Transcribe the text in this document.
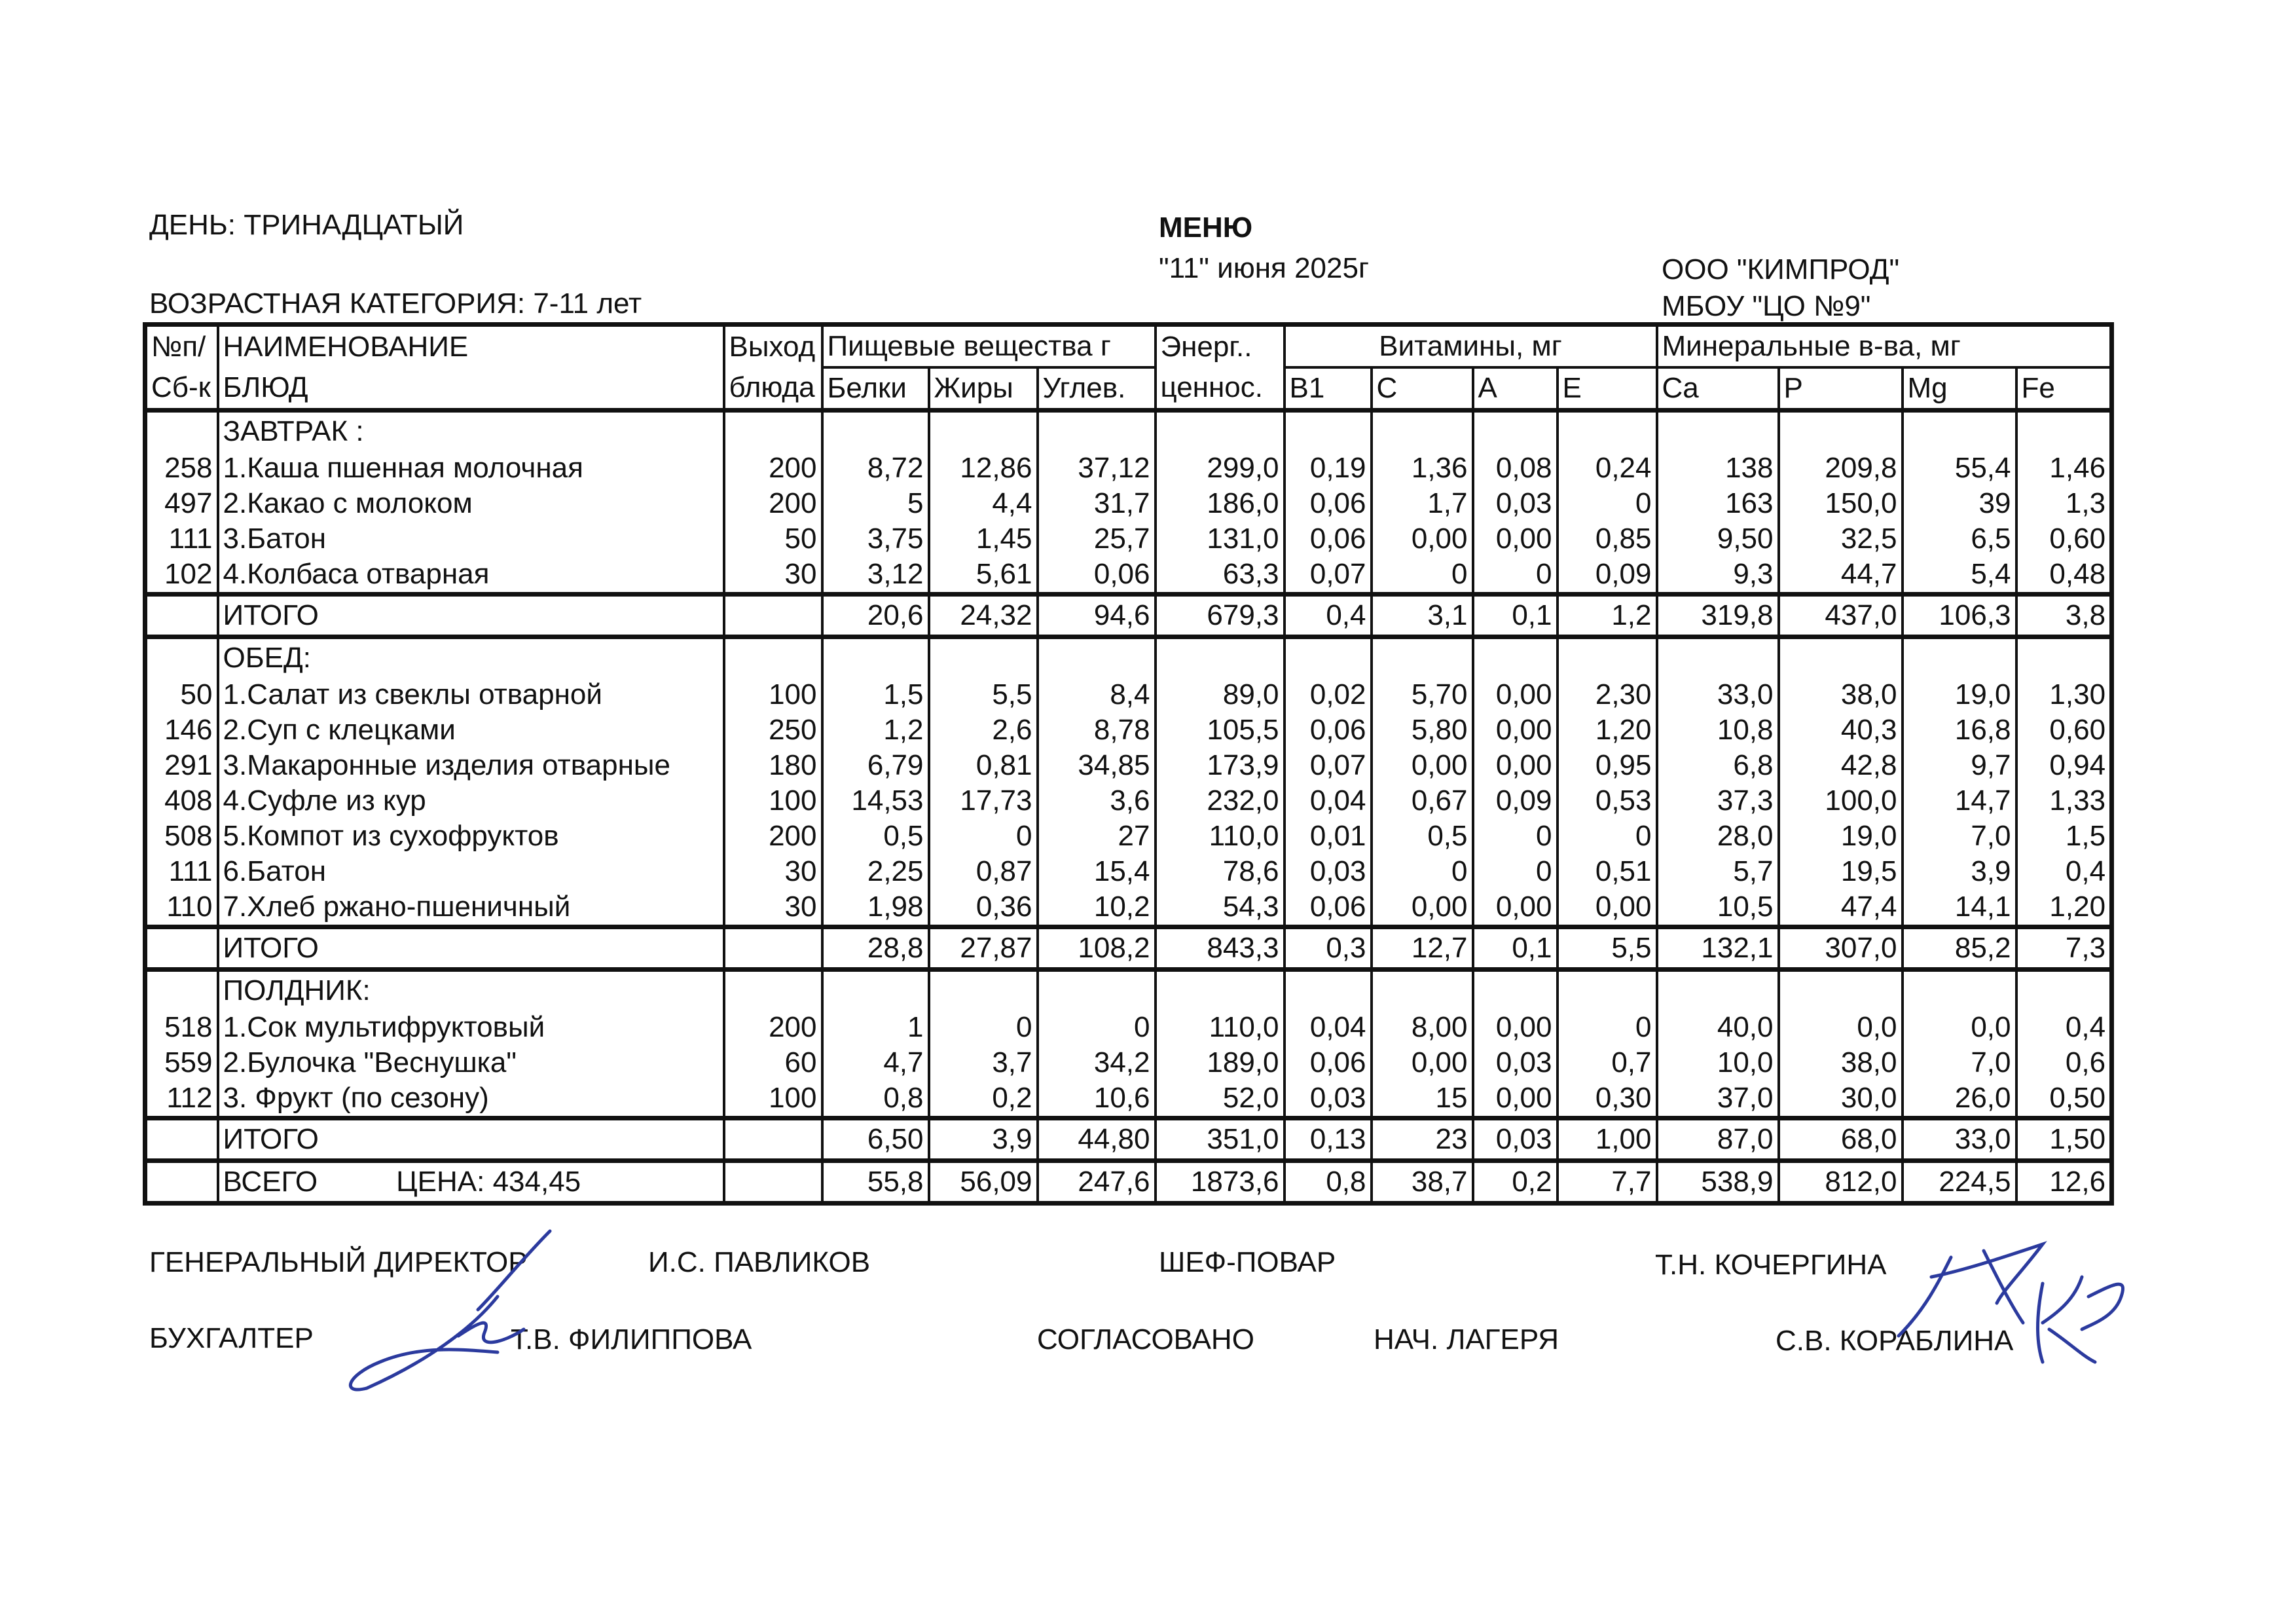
ДЕНЬ: ТРИНАДЦАТЫЙ	МЕНЮ
"11" июня 2025г	ООО "КИМПРОД"
МБОУ "ЦО №9"
ВОЗРАСТНАЯ КАТЕГОРИЯ: 7-11 лет
№п/	НАИМЕНОВАНИЕ	Выход	Пищевые вещества г			Энерг..	Витамины, мг				Минеральные в-ва, мг			
Сб-к	БЛЮД	блюда	Белки	Жиры	Углев.	ценнос.	B1	C	A	E	Ca	P	Mg	Fe
	ЗАВТРАК :													
258	1.Каша пшенная молочная	200	8,72	12,86	37,12	299,0	0,19	1,36	0,08	0,24	138	209,8	55,4	1,46
497	2.Какао с молоком	200	5	4,4	31,7	186,0	0,06	1,7	0,03	0	163	150,0	39	1,3
111	3.Батон	50	3,75	1,45	25,7	131,0	0,06	0,00	0,00	0,85	9,50	32,5	6,5	0,60
102	4.Колбаса отварная	30	3,12	5,61	0,06	63,3	0,07	0	0	0,09	9,3	44,7	5,4	0,48
	ИТОГО		20,6	24,32	94,6	679,3	0,4	3,1	0,1	1,2	319,8	437,0	106,3	3,8
	ОБЕД:													
50	1.Салат из свеклы отварной	100	1,5	5,5	8,4	89,0	0,02	5,70	0,00	2,30	33,0	38,0	19,0	1,30
146	2.Суп с клецками	250	1,2	2,6	8,78	105,5	0,06	5,80	0,00	1,20	10,8	40,3	16,8	0,60
291	3.Макаронные изделия отварные	180	6,79	0,81	34,85	173,9	0,07	0,00	0,00	0,95	6,8	42,8	9,7	0,94
408	4.Суфле из кур	100	14,53	17,73	3,6	232,0	0,04	0,67	0,09	0,53	37,3	100,0	14,7	1,33
508	5.Компот из сухофруктов	200	0,5	0	27	110,0	0,01	0,5	0	0	28,0	19,0	7,0	1,5
111	6.Батон	30	2,25	0,87	15,4	78,6	0,03	0	0	0,51	5,7	19,5	3,9	0,4
110	7.Хлеб ржано-пшеничный	30	1,98	0,36	10,2	54,3	0,06	0,00	0,00	0,00	10,5	47,4	14,1	1,20
	ИТОГО		28,8	27,87	108,2	843,3	0,3	12,7	0,1	5,5	132,1	307,0	85,2	7,3
	ПОЛДНИК:													
518	1.Сок мультифруктовый	200	1	0	0	110,0	0,04	8,00	0,00	0	40,0	0,0	0,0	0,4
559	2.Булочка "Веснушка"	60	4,7	3,7	34,2	189,0	0,06	0,00	0,03	0,7	10,0	38,0	7,0	0,6
112	3. Фрукт (по сезону)	100	0,8	0,2	10,6	52,0	0,03	15	0,00	0,30	37,0	30,0	26,0	0,50
	ИТОГО		6,50	3,9	44,80	351,0	0,13	23	0,03	1,00	87,0	68,0	33,0	1,50
	ВСЕГО ЦЕНА: 434,45		55,8	56,09	247,6	1873,6	0,8	38,7	0,2	7,7	538,9	812,0	224,5	12,6
ГЕНЕРАЛЬНЫЙ ДИРЕКТОР	И.С. ПАВЛИКОВ	ШЕФ-ПОВАР	Т.Н. КОЧЕРГИНА
БУХГАЛТЕР	Т.В. ФИЛИППОВА	СОГЛАСОВАНО	НАЧ. ЛАГЕРЯ	С.В. КОРАБЛИНА
